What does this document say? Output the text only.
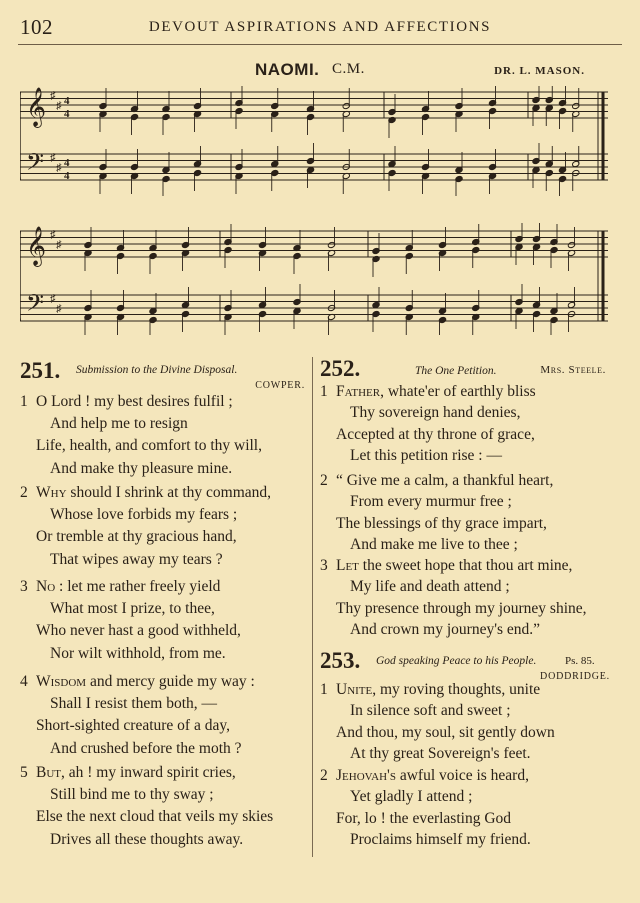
102	DEVOUT ASPIRATIONS AND AFFECTIONS
NAOMI. C.M.	DR. L. MASON.
𝄞
𝄢
♯
♯ 4
4
♯
♯ 4
4
𝄞
𝄢
♯
♯
♯
♯
251. Submission to the Divine Disposal.
COWPER.
1 O Lord ! my best desires fulfil ;
And help me to resign
Life, health, and comfort to thy will,
And make thy pleasure mine.
2 Why should I shrink at thy command,
Whose love forbids my fears ;
Or tremble at thy gracious hand,
That wipes away my tears ?
3 No : let me rather freely yield
What most I prize, to thee,
Who never hast a good withheld,
Nor wilt withhold, from me.
4 Wisdom and mercy guide my way :
Shall I resist them both, —
Short-sighted creature of a day,
And crushed before the moth ?
5 But, ah ! my inward spirit cries,
Still bind me to thy sway ;
Else the next cloud that veils my skies
Drives all these thoughts away.
252.	The One Petition.	Mrs. Steele.
1 Father, whate'er of earthly bliss
Thy sovereign hand denies,
Accepted at thy throne of grace,
Let this petition rise : —
2 “ Give me a calm, a thankful heart,
From every murmur free ;
The blessings of thy grace impart,
And make me live to thee ;
3 Let the sweet hope that thou art mine,
My life and death attend ;
Thy presence through my journey shine,
And crown my journey's end.”
253. God speaking Peace to his People.	Ps. 85.
DODDRIDGE.
1 Unite, my roving thoughts, unite
In silence soft and sweet ;
And thou, my soul, sit gently down
At thy great Sovereign's feet.
2 Jehovah's awful voice is heard,
Yet gladly I attend ;
For, lo ! the everlasting God
Proclaims himself my friend.
